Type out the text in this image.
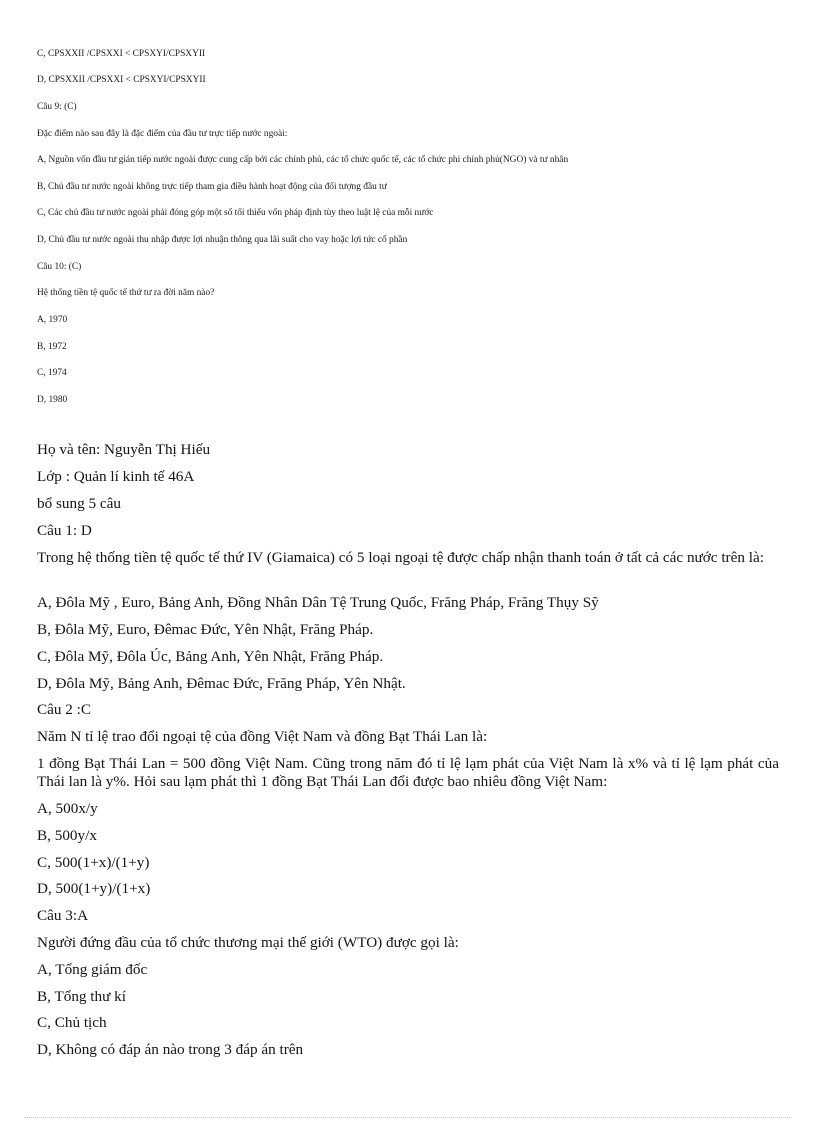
C, CPSXXII /CPSXXI < CPSXYI/CPSXYII
D, CPSXXII /CPSXXI < CPSXYI/CPSXYII
Câu 9: (C)
Đặc điểm nào sau đây là đặc điểm của đầu tư trực tiếp nước ngoài:
A, Nguồn vốn đầu tư gián tiếp nước ngoài được cung cấp bởi các chính phủ, các tổ chức quốc tế, các tổ chức phi chính phủ(NGO) và tư nhân
B, Chủ đầu tư nước ngoài không trực tiếp tham gia điều hành hoạt động của đối tượng đầu tư
C, Các chủ đầu tư nước ngoài phải đóng góp một số tối thiểu vốn pháp định tùy theo luật lệ của mỗi nước
D, Chủ đầu tư nước ngoài thu nhập được lợi nhuận thông qua lãi suất cho vay hoặc lợi tức cổ phần
Câu 10: (C)
Hệ thống tiền tệ quốc tế thứ tư ra đời năm nào?
A, 1970
B, 1972
C, 1974
D, 1980
Họ và tên: Nguyễn Thị Hiếu
Lớp : Quản lí kinh tế 46A
bổ sung 5 câu
Câu 1: D
Trong hệ thống tiền tệ quốc tế thứ IV (Giamaica) có 5 loại ngoại tệ được chấp nhận thanh toán ở tất cả các nước trên là:
A, Đôla Mỹ , Euro, Bảng Anh, Đồng Nhân Dân Tệ Trung Quốc, Frăng Pháp, Frăng Thụy Sỹ
B, Đôla Mỹ, Euro, Đêmac Đức, Yên Nhật, Frăng Pháp.
C, Đôla Mỹ, Đôla Úc, Bảng Anh, Yên Nhật, Frăng Pháp.
D, Đôla Mỹ, Bảng Anh, Đêmac Đức, Frăng Pháp, Yên Nhật.
Câu 2 :C
Năm N tỉ lệ trao đổi ngoại tệ của đồng Việt Nam và đồng Bạt Thái Lan là:
1 đồng Bạt Thái Lan = 500 đồng Việt Nam. Cũng trong năm đó tỉ lệ lạm phát của Việt Nam là x% và tỉ lệ lạm phát của Thái lan là y%. Hỏi sau lạm phát thì 1 đồng Bạt Thái Lan đổi được bao nhiêu đồng Việt Nam:
A, 500x/y
B, 500y/x
C, 500(1+x)/(1+y)
D, 500(1+y)/(1+x)
Câu 3:A
Người đứng đầu của tổ chức thương mại thế giới (WTO) được gọi là:
A, Tổng giám đốc
B, Tổng thư kí
C, Chủ tịch
D, Không có đáp án nào trong 3 đáp án trên
